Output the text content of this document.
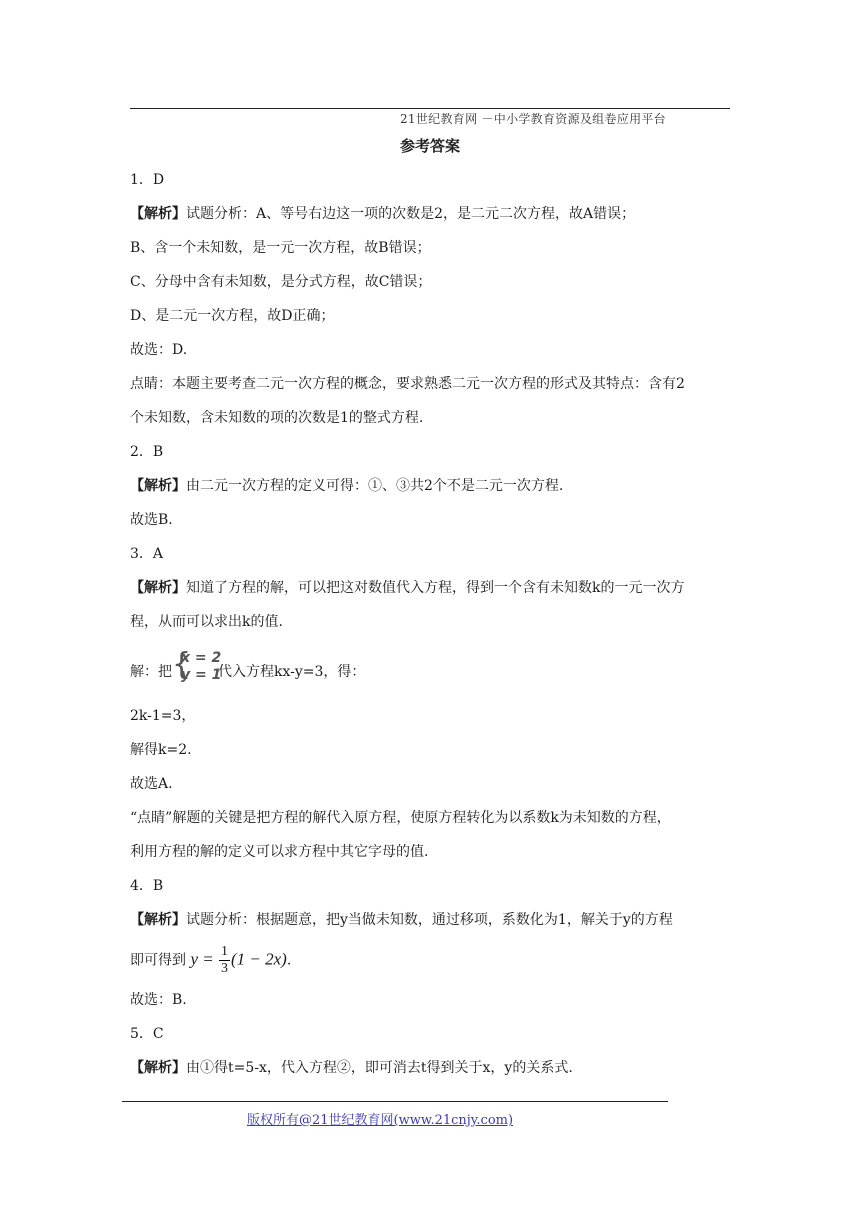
21世纪教育网 －中小学教育资源及组卷应用平台
参考答案
1．D
【解析】试题分析：A、等号右边这一项的次数是2，是二元二次方程，故A错误；
B、含一个未知数，是一元一次方程，故B错误；
C、分母中含有未知数，是分式方程，故C错误；
D、是二元一次方程，故D正确；
故选：D.
点睛：本题主要考查二元一次方程的概念，要求熟悉二元一次方程的形式及其特点：含有2
个未知数，含未知数的项的次数是1的整式方程.
2．B
【解析】由二元一次方程的定义可得：①、③共2个不是二元一次方程.
故选B.
3．A
【解析】知道了方程的解，可以把这对数值代入方程，得到一个含有未知数k的一元一次方
程，从而可以求出k的值.
解：把 {
x = 2
y = 1
代入方程kx-y=3，得：
2k-1=3，
解得k=2.
故选A.
“点睛”解题的关键是把方程的解代入原方程，使原方程转化为以系数k为未知数的方程，
利用方程的解的定义可以求方程中其它字母的值.
4．B
【解析】试题分析：根据题意，把y当做未知数，通过移项，系数化为1，解关于y的方程
即可得到 $y = \frac{1}{3} (1 - 2x)$.
故选：B.
5．C
【解析】由①得t=5-x，代入方程②，即可消去t得到关于x，y的关系式.
版权所有@21世纪教育网(www.21cnjy.com)
